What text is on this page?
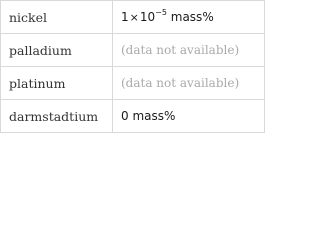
nickel	$1\times 10^{-5}$ mass%
palladium	(data not available)
platinum	(data not available)
darmstadtium	0 mass%
